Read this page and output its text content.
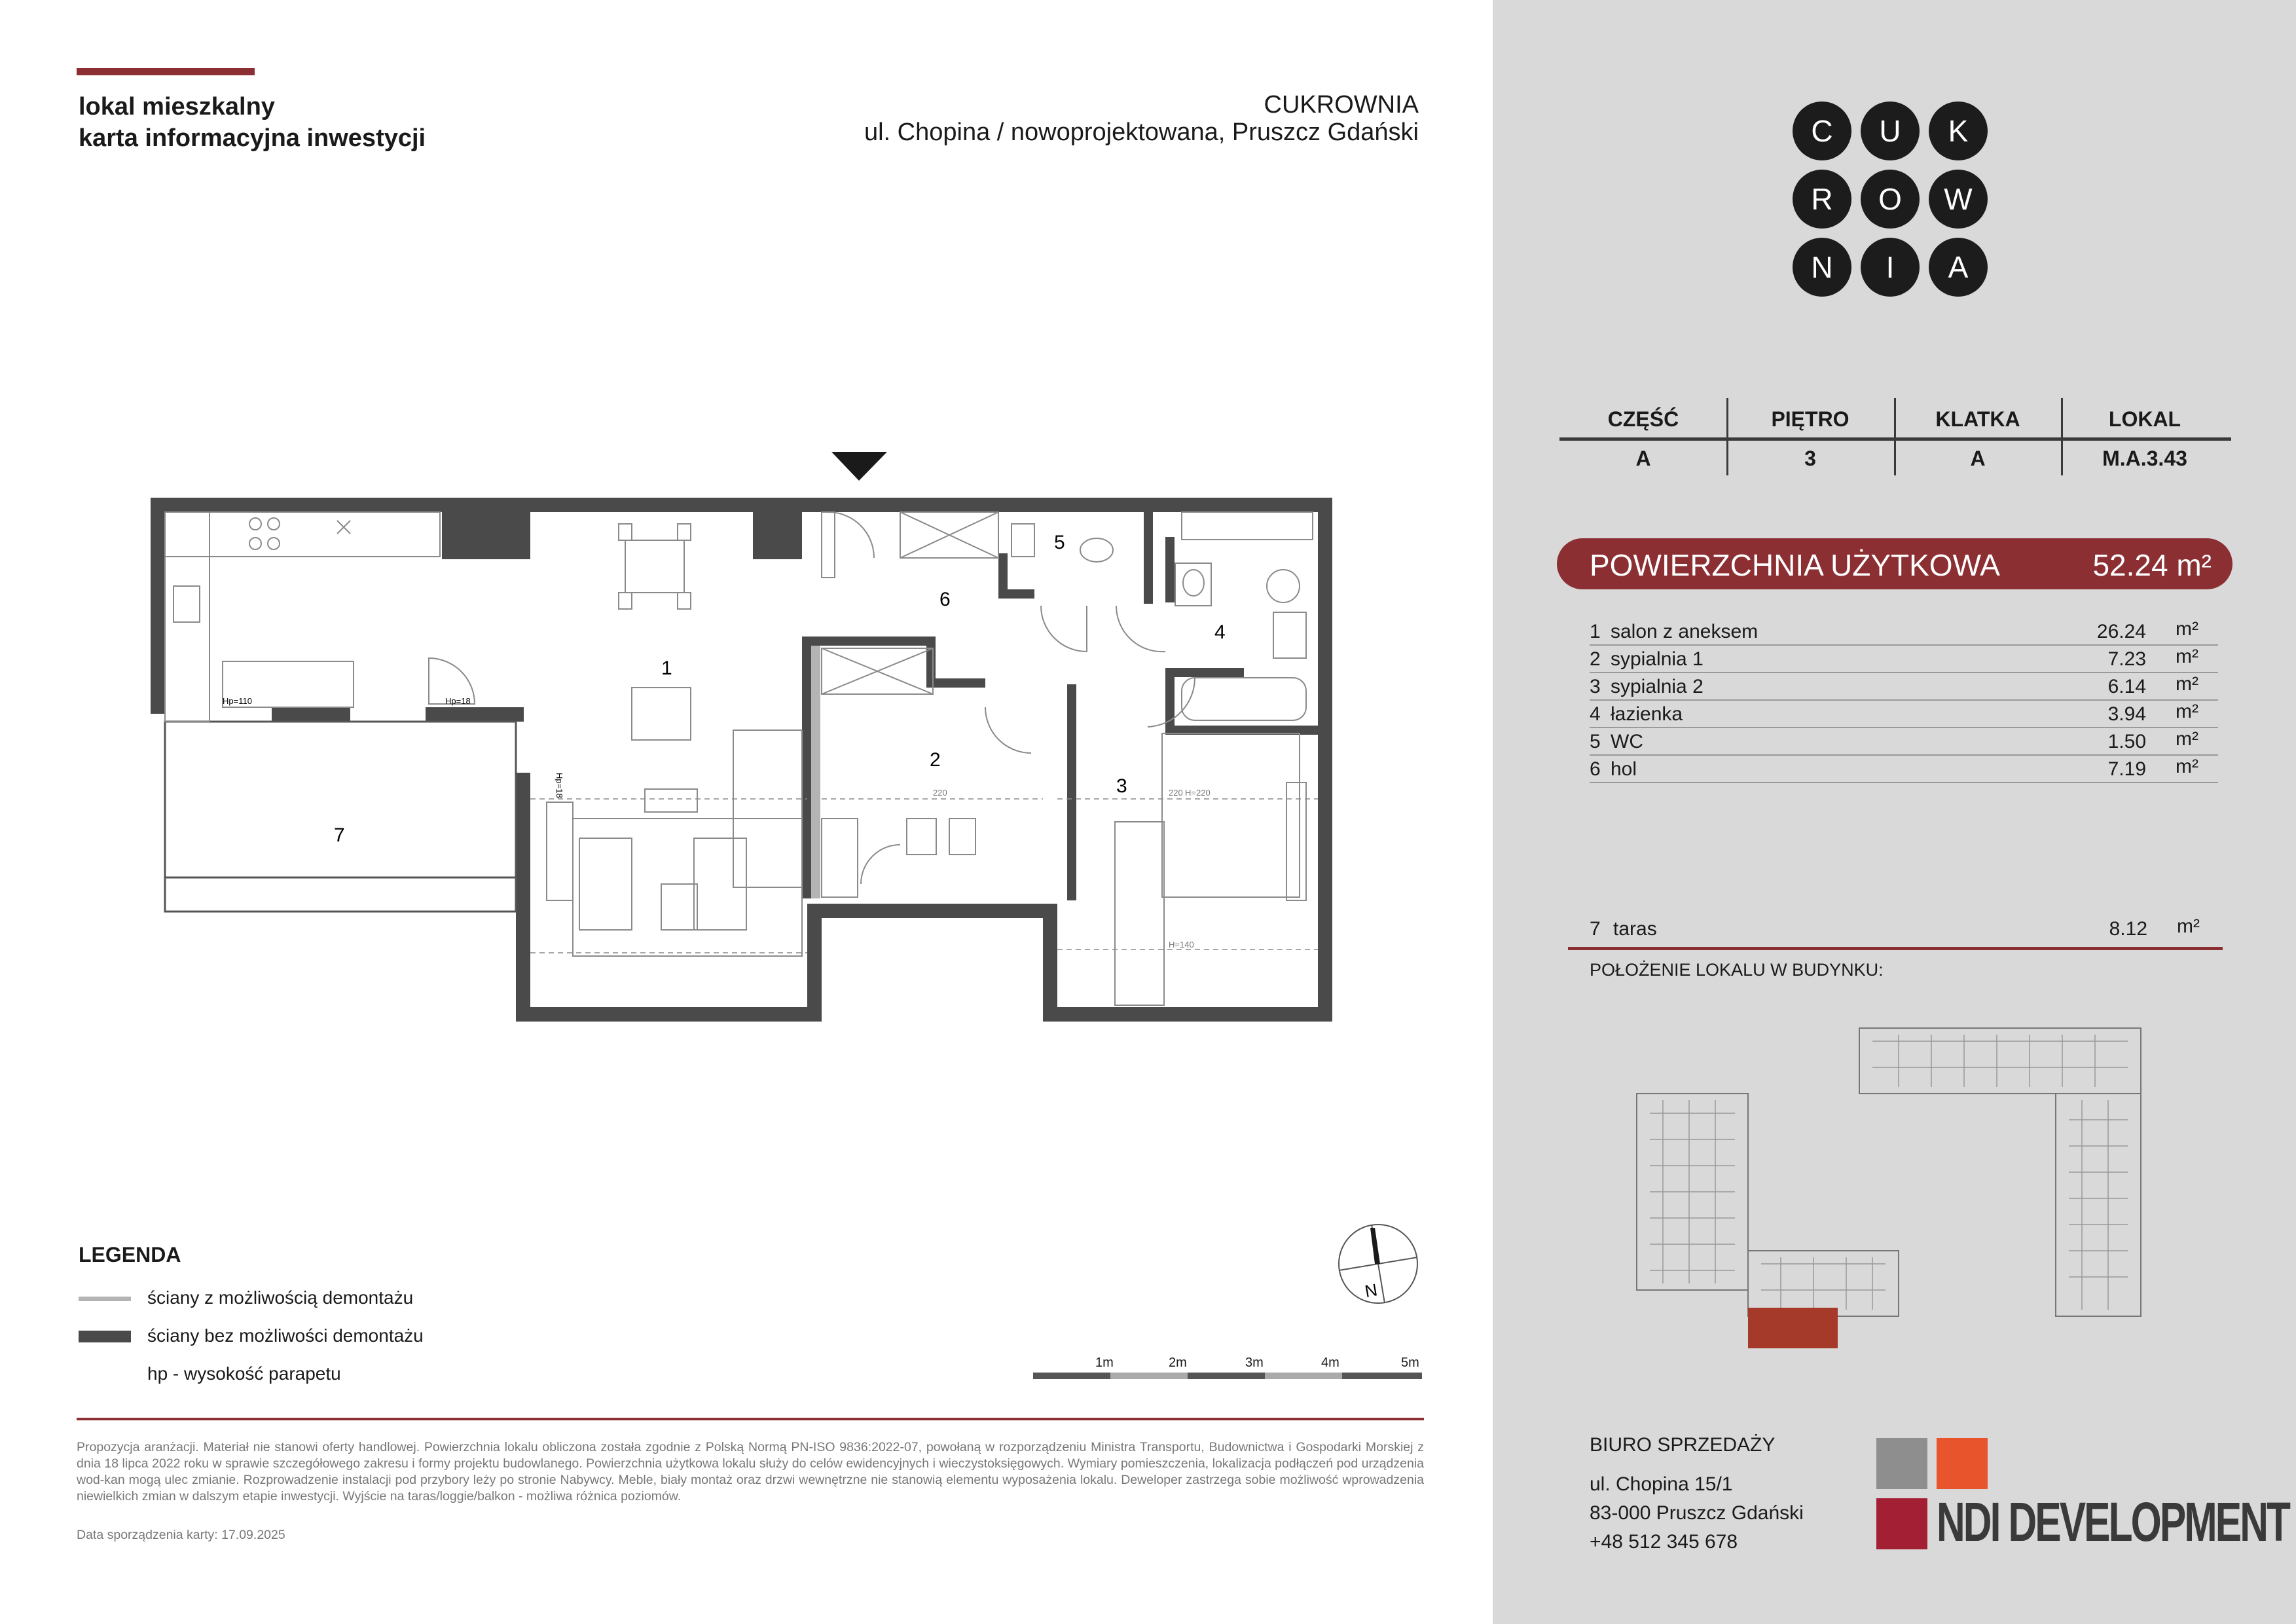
lokal mieszkalny
karta informacyjna inwestycji
CUKROWNIA
ul. Chopina / nowoprojektowana, Pruszcz Gdański	C	U	K
R	O	W
N	I	A
CZĘŚĆ	PIĘTRO	KLATKA	LOKAL
A	3	A	M.A.3.43
POWIERZCHNIA UŻYTKOWA	52.24 m²
1 salon z aneksem	26.24 m²
2 sypialnia 1	7.23 m²
3 sypialnia 2	6.14 m²
4 łazienka	3.94 m²
5 WC	1.50 m²
6 hol	7.19 m²
7 taras	8.12 m²
POŁOŻENIE LOKALU W BUDYNKU:
1
2
3
4
5
6
7
Hp=110	Hp=18
Hp=18	220	220 H=220
H=140
N
1m	2m	3m	4m	5m
LEGENDA
ściany z możliwością demontażu
ściany bez możliwości demontażu
hp - wysokość parapetu
Propozycja aranżacji. Materiał nie stanowi oferty handlowej. Powierzchnia lokalu obliczona została zgodnie z Polską Normą PN-ISO 9836:2022-07, powołaną w rozporządzeniu Ministra Transportu, Budownictwa i Gospodarki Morskiej z dnia 18 lipca 2022 roku w sprawie szczegółowego zakresu i formy projektu budowlanego. Powierzchnia użytkowa lokalu służy do celów ewidencyjnych i wieczystoksięgowych. Wymiary pomieszczenia, lokalizacja podłączeń pod urządzenia wod-kan mogą ulec zmianie. Rozprowadzenie instalacji pod przybory leży po stronie Nabywcy. Meble, biały montaż oraz drzwi wewnętrzne nie stanowią elementu wyposażenia lokalu. Deweloper zastrzega sobie możliwość wprowadzenia niewielkich zmian w dalszym etapie inwestycji. Wyjście na taras/loggie/balkon - możliwa różnica poziomów.
Data sporządzenia karty: 17.09.2025
BIURO SPRZEDAŻY
ul. Chopina 15/1
83-000 Pruszcz Gdański
+48 512 345 678	NDI DEVELOPMENT
